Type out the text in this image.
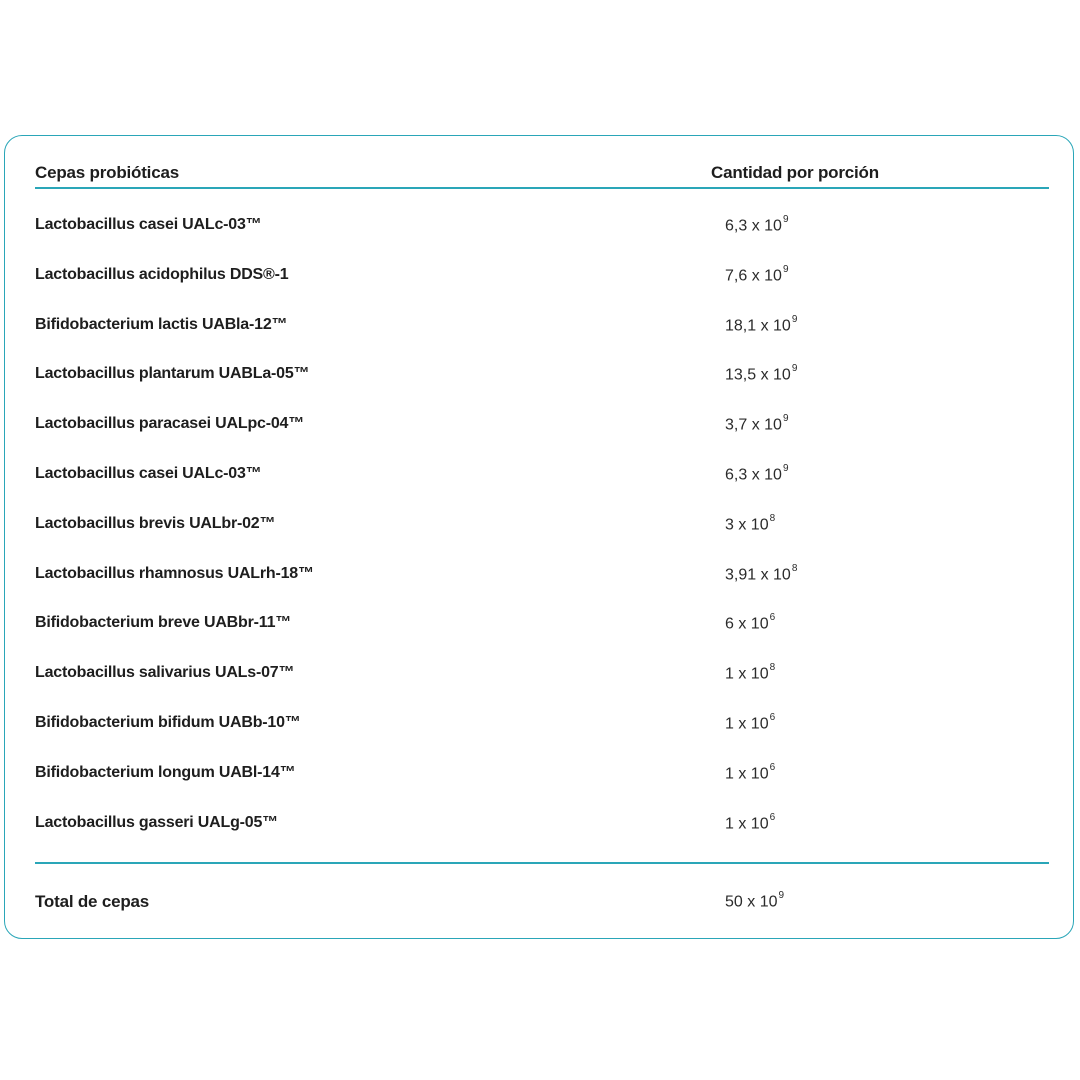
Cepas probióticas	Cantidad por porción
Lactobacillus casei UALc-03™	6,3 x $10^9$
Lactobacillus acidophilus DDS®-1	7,6 x $10^9$
Bifidobacterium lactis UABla-12™	18,1 x $10^9$
Lactobacillus plantarum UABLa-05™	13,5 x $10^9$
Lactobacillus paracasei UALpc-04™	3,7 x $10^9$
Lactobacillus casei UALc-03™	6,3 x $10^9$
Lactobacillus brevis UALbr-02™	3 x $10^8$
Lactobacillus rhamnosus UALrh-18™	3,91 x $10^8$
Bifidobacterium breve UABbr-11™	6 x $10^6$
Lactobacillus salivarius UALs-07™	1 x $10^8$
Bifidobacterium bifidum UABb-10™	1 x $10^6$
Bifidobacterium longum UABl-14™	1 x $10^6$
Lactobacillus gasseri UALg-05™	1 x $10^6$
Total de cepas	50 x $10^9$
